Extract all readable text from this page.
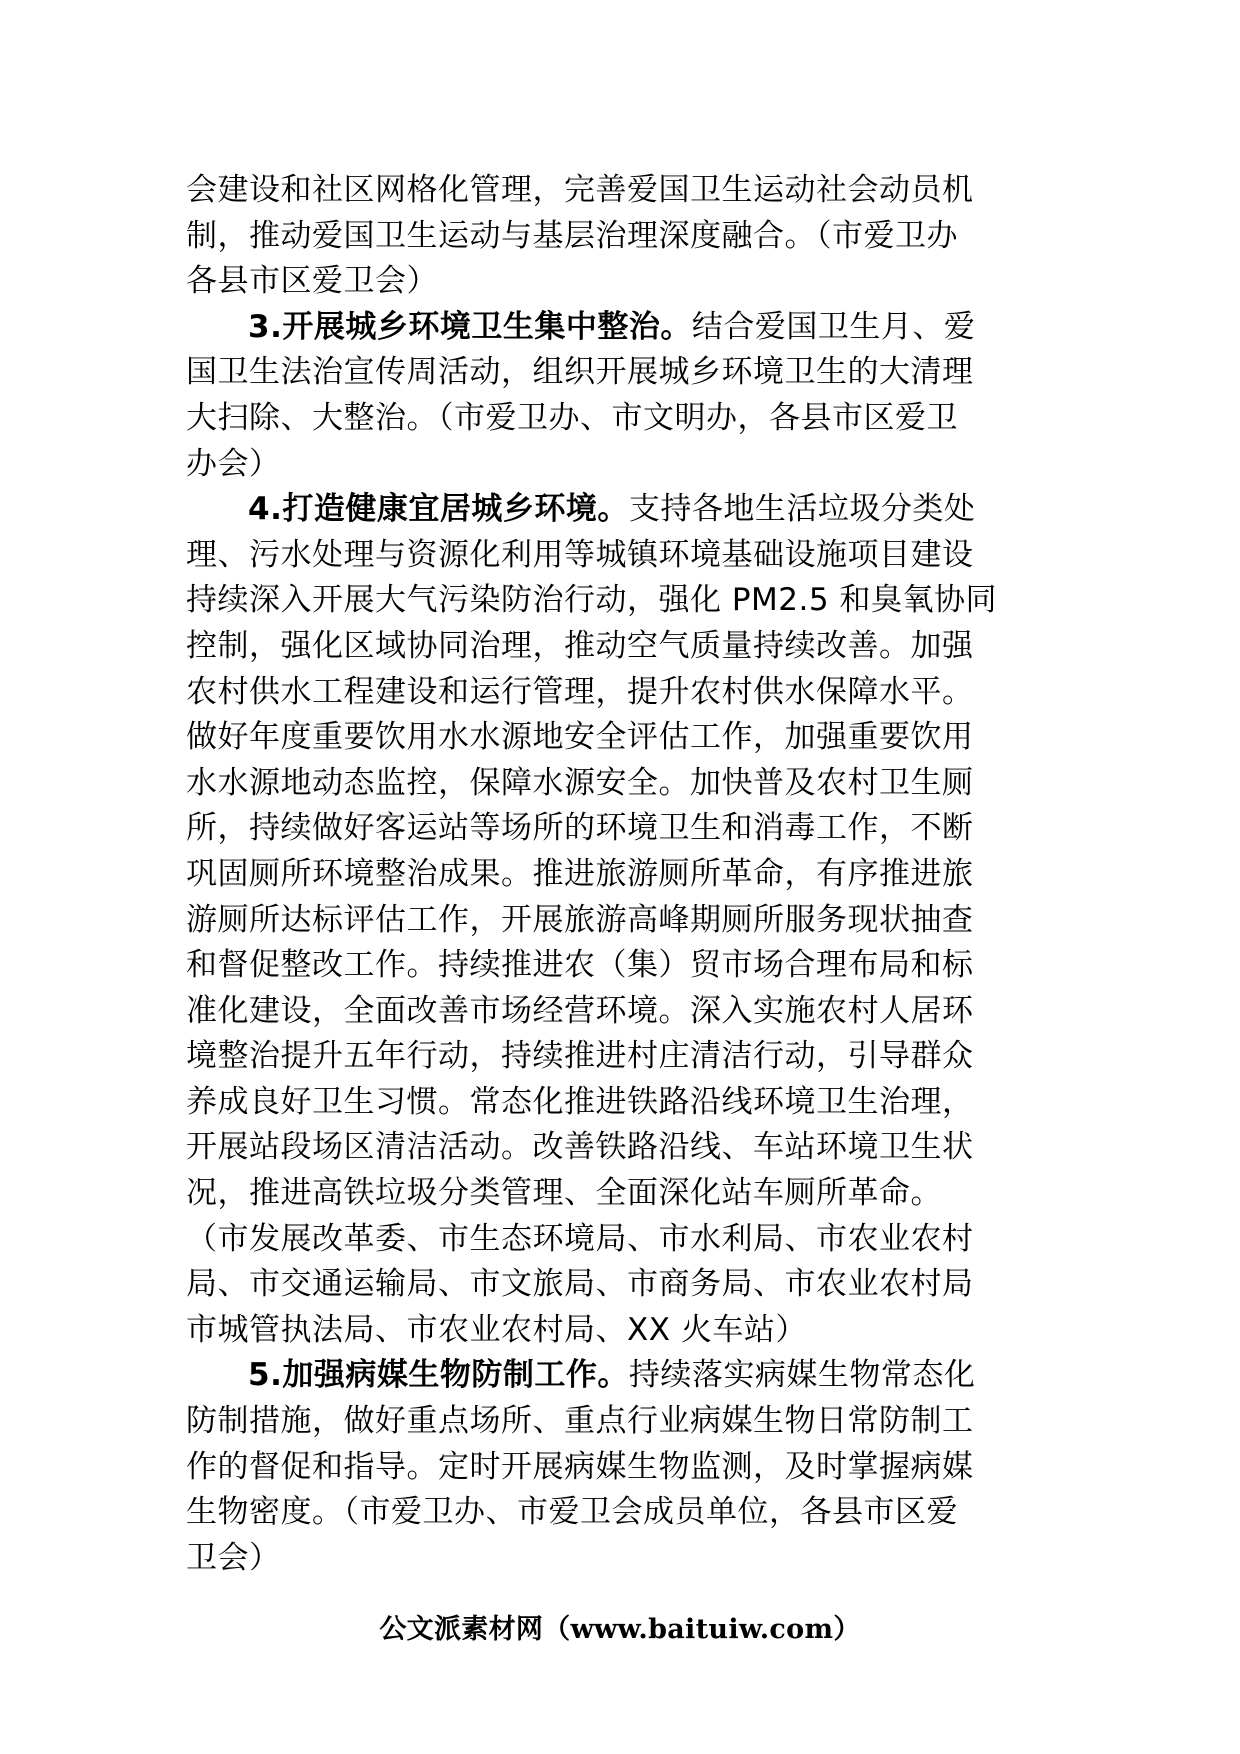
会建设和社区网格化管理，完善爱国卫生运动社会动员机
制，推动爱国卫生运动与基层治理深度融合。（市爱卫办
各县市区爱卫会）
3.开展城乡环境卫生集中整治。结合爱国卫生月、爱
国卫生法治宣传周活动，组织开展城乡环境卫生的大清理
大扫除、大整治。（市爱卫办、市文明办，各县市区爱卫
办会）
4.打造健康宜居城乡环境。支持各地生活垃圾分类处
理、污水处理与资源化利用等城镇环境基础设施项目建设
持续深入开展大气污染防治行动，强化 PM2.5 和臭氧协同
控制，强化区域协同治理，推动空气质量持续改善。加强
农村供水工程建设和运行管理，提升农村供水保障水平。
做好年度重要饮用水水源地安全评估工作，加强重要饮用
水水源地动态监控，保障水源安全。加快普及农村卫生厕
所，持续做好客运站等场所的环境卫生和消毒工作，不断
巩固厕所环境整治成果。推进旅游厕所革命，有序推进旅
游厕所达标评估工作，开展旅游高峰期厕所服务现状抽查
和督促整改工作。持续推进农（集）贸市场合理布局和标
准化建设，全面改善市场经营环境。深入实施农村人居环
境整治提升五年行动，持续推进村庄清洁行动，引导群众
养成良好卫生习惯。常态化推进铁路沿线环境卫生治理，
开展站段场区清洁活动。改善铁路沿线、车站环境卫生状
况，推进高铁垃圾分类管理、全面深化站车厕所革命。
（市发展改革委、市生态环境局、市水利局、市农业农村
局、市交通运输局、市文旅局、市商务局、市农业农村局
市城管执法局、市农业农村局、XX 火车站）
5.加强病媒生物防制工作。持续落实病媒生物常态化
防制措施，做好重点场所、重点行业病媒生物日常防制工
作的督促和指导。定时开展病媒生物监测，及时掌握病媒
生物密度。（市爱卫办、市爱卫会成员单位，各县市区爱
卫会）
公文派素材网（www.baituiw.com）
